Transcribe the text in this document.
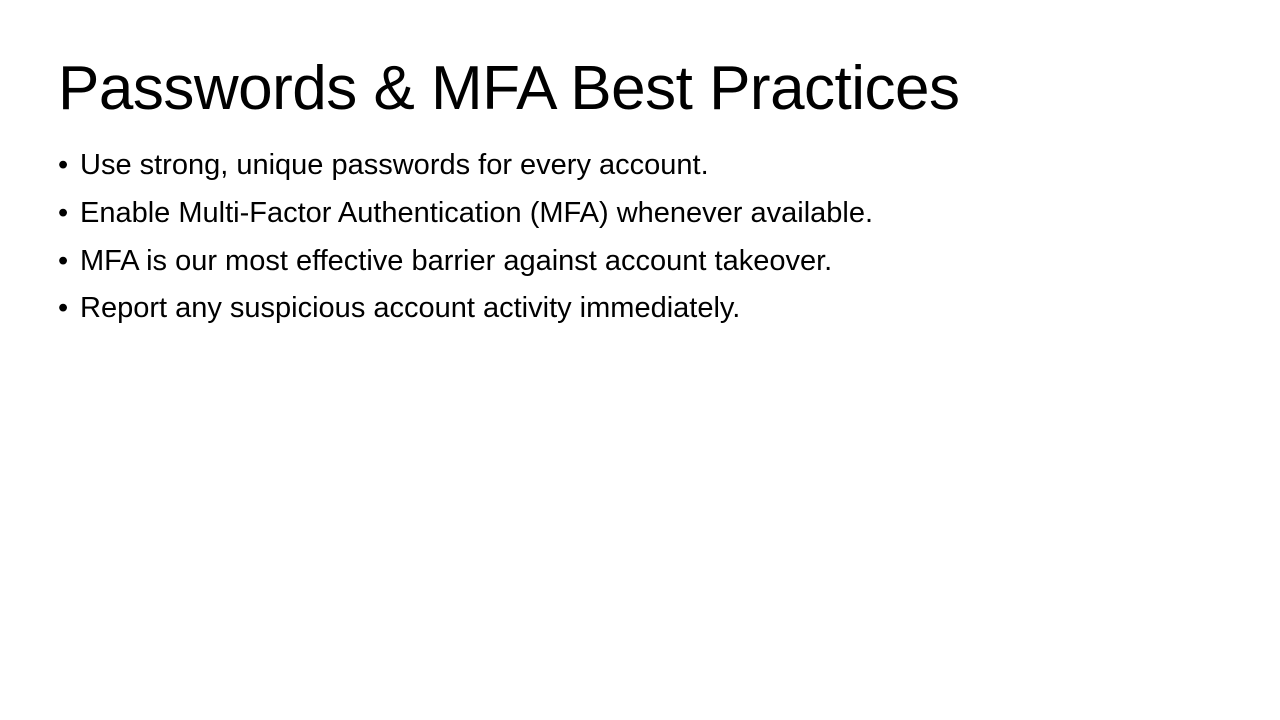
Passwords & MFA Best Practices
• Use strong, unique passwords for every account.
• Enable Multi-Factor Authentication (MFA) whenever available.
• MFA is our most effective barrier against account takeover.
• Report any suspicious account activity immediately.
